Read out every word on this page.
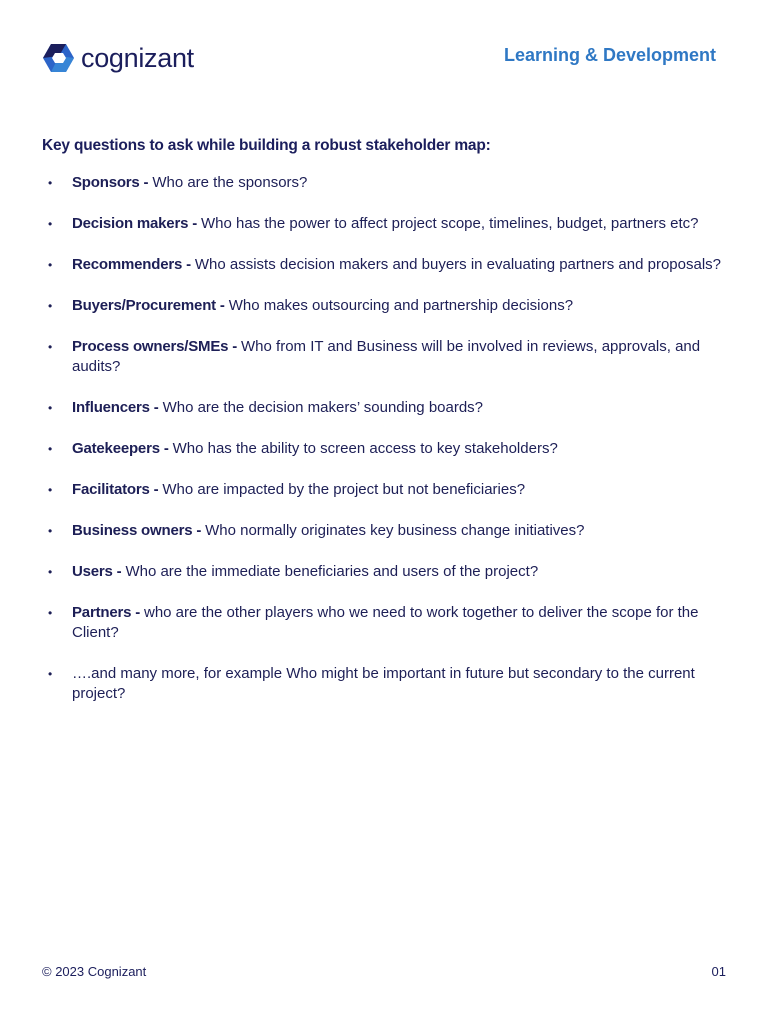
cognizant	Learning & Development

Key questions to ask while building a robust stakeholder map:

• Sponsors - Who are the sponsors?
• Decision makers - Who has the power to affect project scope, timelines, budget, partners etc?
• Recommenders - Who assists decision makers and buyers in evaluating partners and proposals?
• Buyers/Procurement - Who makes outsourcing and partnership decisions?
• Process owners/SMEs - Who from IT and Business will be involved in reviews, approvals, and audits?
• Influencers - Who are the decision makers’ sounding boards?
• Gatekeepers - Who has the ability to screen access to key stakeholders?
• Facilitators - Who are impacted by the project but not beneficiaries?
• Business owners - Who normally originates key business change initiatives?
• Users - Who are the immediate beneficiaries and users of the project?
• Partners - who are the other players who we need to work together to deliver the scope for the Client?
• ….and many more, for example Who might be important in future but secondary to the current project?
© 2023 Cognizant	01
